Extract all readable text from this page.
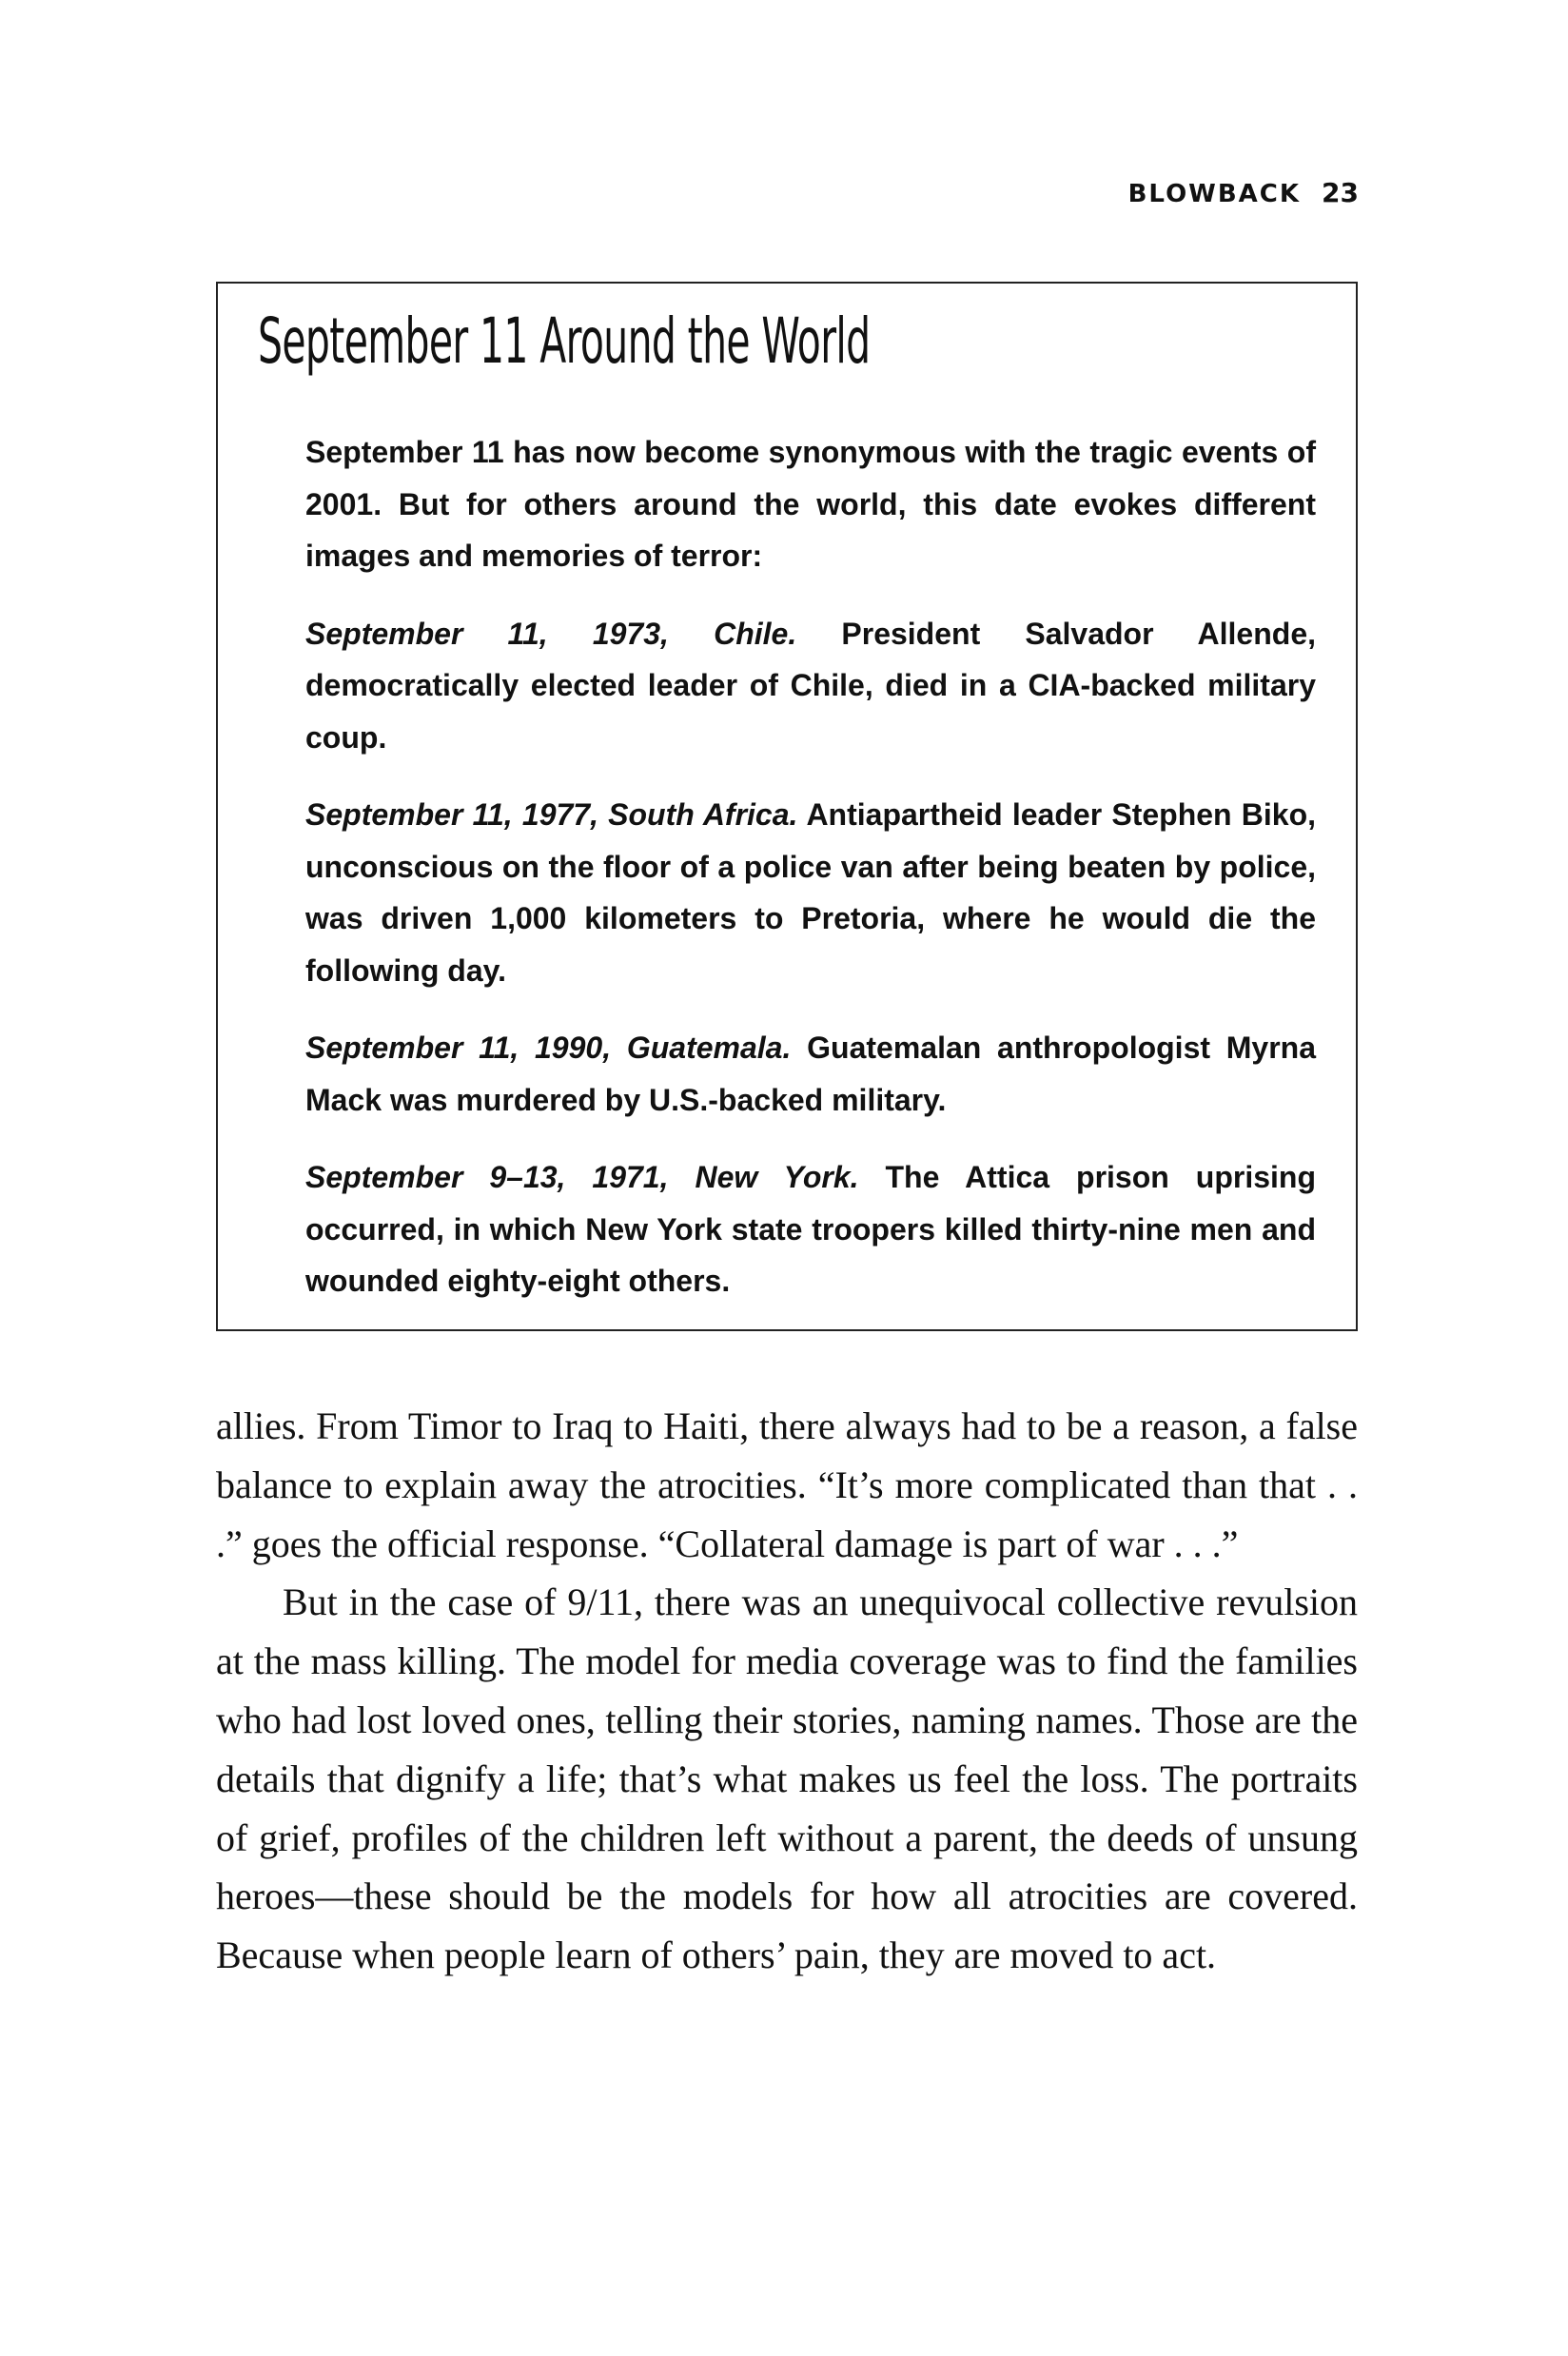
BLOWBACK 23
September 11 Around the World

September 11 has now become synonymous with the tragic events of 2001. But for others around the world, this date evokes different images and memories of terror:

September 11, 1973, Chile. President Salvador Allende, democratically elected leader of Chile, died in a CIA-backed military coup.

September 11, 1977, South Africa. Antiapartheid leader Stephen Biko, unconscious on the floor of a police van after being beaten by police, was driven 1,000 kilometers to Pretoria, where he would die the following day.

September 11, 1990, Guatemala. Guatemalan anthropologist Myrna Mack was murdered by U.S.-backed military.

September 9–13, 1971, New York. The Attica prison uprising occurred, in which New York state troopers killed thirty-nine men and wounded eighty-eight others.

allies. From Timor to Iraq to Haiti, there always had to be a reason, a false balance to explain away the atrocities. “It’s more complicated than that . . .” goes the official response. “Collateral damage is part of war . . .”

But in the case of 9/11, there was an unequivocal collective revulsion at the mass killing. The model for media coverage was to find the families who had lost loved ones, telling their stories, naming names. Those are the details that dignify a life; that’s what makes us feel the loss. The portraits of grief, profiles of the children left without a parent, the deeds of unsung heroes—these should be the models for how all atrocities are covered. Because when people learn of others’ pain, they are moved to act.
